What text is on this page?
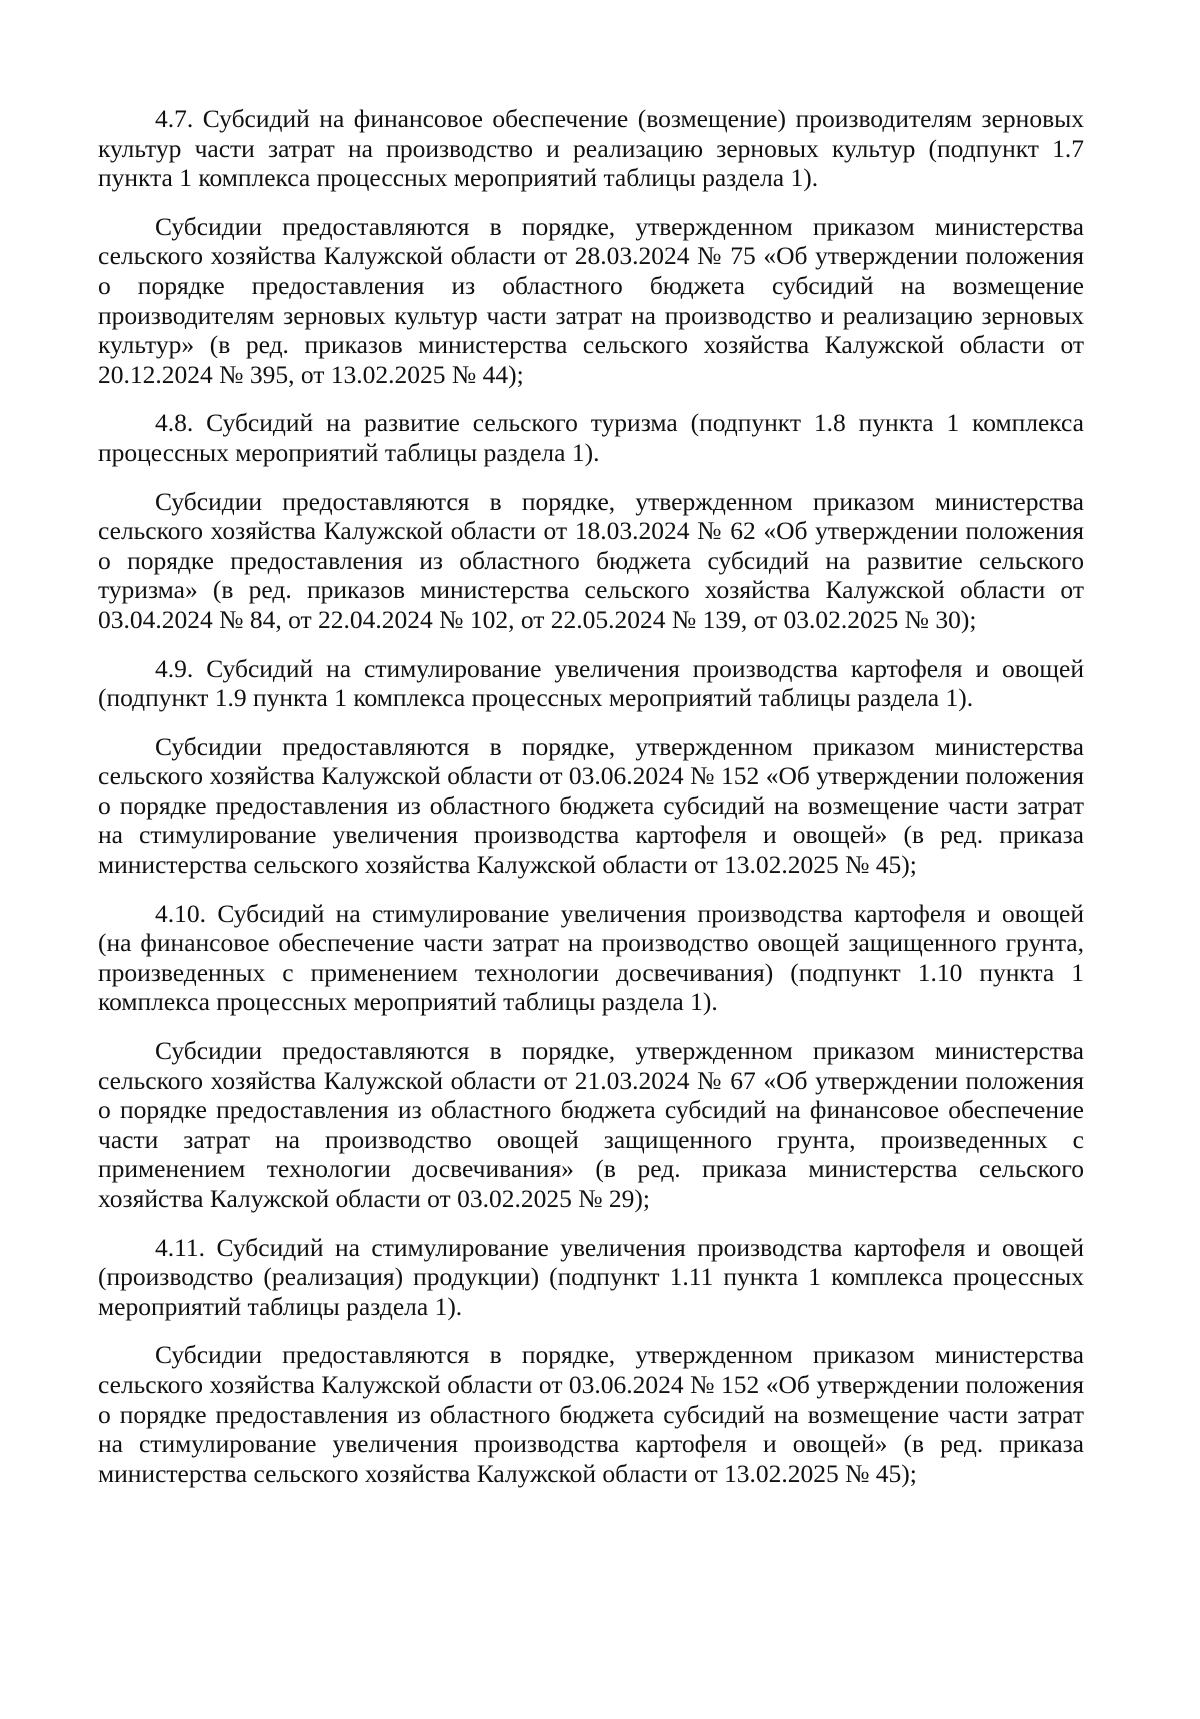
4.7. Субсидий на финансовое обеспечение (возмещение) производителям зерновых культур части затрат на производство и реализацию зерновых культур (подпункт 1.7 пункта 1 комплекса процессных мероприятий таблицы раздела 1).

Субсидии предоставляются в порядке, утвержденном приказом министерства сельского хозяйства Калужской области от 28.03.2024 № 75 «Об утверждении положения о порядке предоставления из областного бюджета субсидий на возмещение производителям зерновых культур части затрат на производство и реализацию зерновых культур» (в ред. приказов министерства сельского хозяйства Калужской области от 20.12.2024 № 395, от 13.02.2025 № 44);

4.8. Субсидий на развитие сельского туризма (подпункт 1.8 пункта 1 комплекса процессных мероприятий таблицы раздела 1).

Субсидии предоставляются в порядке, утвержденном приказом министерства сельского хозяйства Калужской области от 18.03.2024 № 62 «Об утверждении положения о порядке предоставления из областного бюджета субсидий на развитие сельского туризма» (в ред. приказов министерства сельского хозяйства Калужской области от 03.04.2024 № 84, от 22.04.2024 № 102, от 22.05.2024 № 139, от 03.02.2025 № 30);

4.9. Субсидий на стимулирование увеличения производства картофеля и овощей (подпункт 1.9 пункта 1 комплекса процессных мероприятий таблицы раздела 1).

Субсидии предоставляются в порядке, утвержденном приказом министерства сельского хозяйства Калужской области от 03.06.2024 № 152 «Об утверждении положения о порядке предоставления из областного бюджета субсидий на возмещение части затрат на стимулирование увеличения производства картофеля и овощей» (в ред. приказа министерства сельского хозяйства Калужской области от 13.02.2025 № 45);

4.10. Субсидий на стимулирование увеличения производства картофеля и овощей (на финансовое обеспечение части затрат на производство овощей защищенного грунта, произведенных с применением технологии досвечивания) (подпункт 1.10 пункта 1 комплекса процессных мероприятий таблицы раздела 1).

Субсидии предоставляются в порядке, утвержденном приказом министерства сельского хозяйства Калужской области от 21.03.2024 № 67 «Об утверждении положения о порядке предоставления из областного бюджета субсидий на финансовое обеспечение части затрат на производство овощей защищенного грунта, произведенных с применением технологии досвечивания» (в ред. приказа министерства сельского хозяйства Калужской области от 03.02.2025 № 29);

4.11. Субсидий на стимулирование увеличения производства картофеля и овощей (производство (реализация) продукции) (подпункт 1.11 пункта 1 комплекса процессных мероприятий таблицы раздела 1).

Субсидии предоставляются в порядке, утвержденном приказом министерства сельского хозяйства Калужской области от 03.06.2024 № 152 «Об утверждении положения о порядке предоставления из областного бюджета субсидий на возмещение части затрат на стимулирование увеличения производства картофеля и овощей» (в ред. приказа министерства сельского хозяйства Калужской области от 13.02.2025 № 45);
